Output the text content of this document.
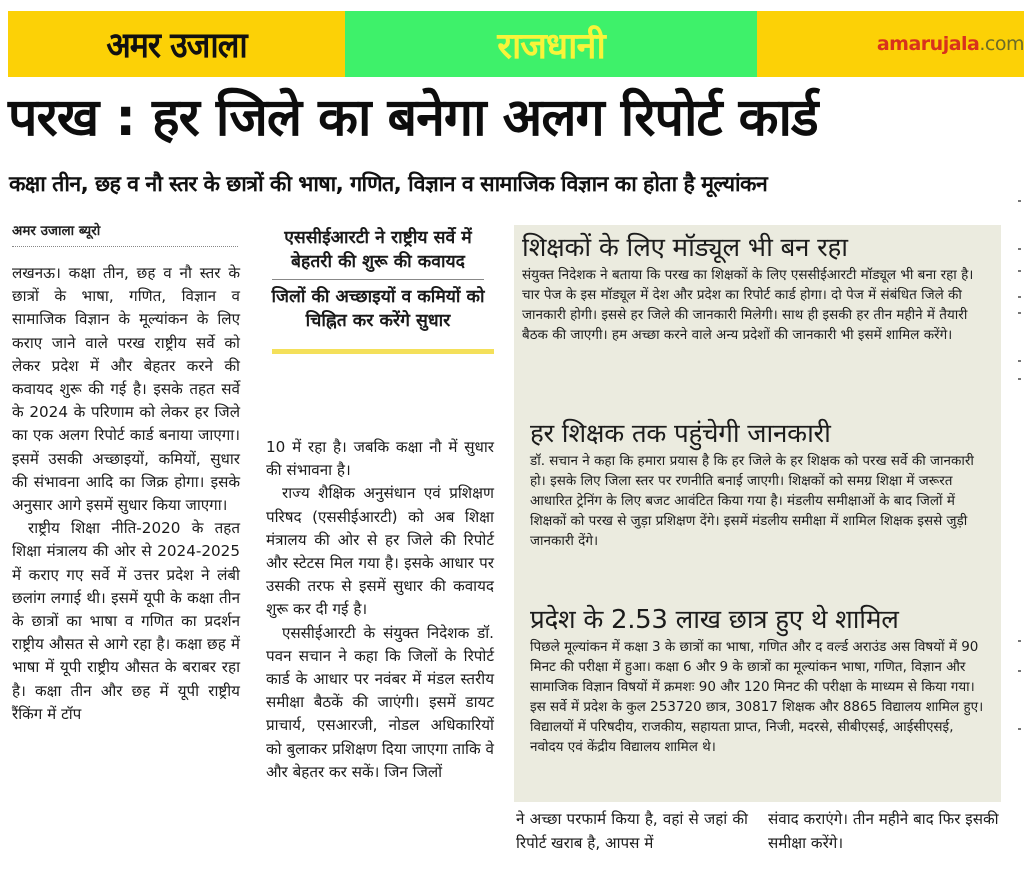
अमर उजाला	राजधानी	amarujala.com
परख : हर जिले का बनेगा अलग रिपोर्ट कार्ड
कक्षा तीन, छह व नौ स्तर के छात्रों की भाषा, गणित, विज्ञान व सामाजिक विज्ञान का होता है मूल्यांकन
अमर उजाला ब्यूरो

लखनऊ। कक्षा तीन, छह व नौ स्तर के छात्रों के भाषा, गणित, विज्ञान व सामाजिक विज्ञान के मूल्यांकन के लिए कराए जाने वाले परख राष्ट्रीय सर्वे को लेकर प्रदेश में और बेहतर करने की कवायद शुरू की गई है। इसके तहत सर्वे के 2024 के परिणाम को लेकर हर जिले का एक अलग रिपोर्ट कार्ड बनाया जाएगा। इसमें उसकी अच्छाइयों, कमियों, सुधार की संभावना आदि का जिक्र होगा। इसके अनुसार आगे इसमें सुधार किया जाएगा।

राष्ट्रीय शिक्षा नीति-2020 के तहत शिक्षा मंत्रालय की ओर से 2024-2025 में कराए गए सर्वे में उत्तर प्रदेश ने लंबी छलांग लगाई थी। इसमें यूपी के कक्षा तीन के छात्रों का भाषा व गणित का प्रदर्शन राष्ट्रीय औसत से आगे रहा है। कक्षा छह में भाषा में यूपी राष्ट्रीय औसत के बराबर रहा है। कक्षा तीन और छह में यूपी राष्ट्रीय रैंकिंग में टॉप

एससीईआरटी ने राष्ट्रीय सर्वे में बेहतरी की शुरू की कवायद
जिलों की अच्छाइयों व कमियों को चिह्नित कर करेंगे सुधार

10 में रहा है। जबकि कक्षा नौ में सुधार की संभावना है।

राज्य शैक्षिक अनुसंधान एवं प्रशिक्षण परिषद (एससीईआरटी) को अब शिक्षा मंत्रालय की ओर से हर जिले की रिपोर्ट और स्टेटस मिल गया है। इसके आधार पर उसकी तरफ से इसमें सुधार की कवायद शुरू कर दी गई है।

एससीईआरटी के संयुक्त निदेशक डॉ. पवन सचान ने कहा कि जिलों के रिपोर्ट कार्ड के आधार पर नवंबर में मंडल स्तरीय समीक्षा बैठकें की जाएंगी। इसमें डायट प्राचार्य, एसआरजी, नोडल अधिकारियों को बुलाकर प्रशिक्षण दिया जाएगा ताकि वे और बेहतर कर सकें। जिन जिलों

शिक्षकों के लिए मॉड्यूल भी बन रहा
संयुक्त निदेशक ने बताया कि परख का शिक्षकों के लिए एससीईआरटी मॉड्यूल भी बना रहा है। चार पेज के इस मॉड्यूल में देश और प्रदेश का रिपोर्ट कार्ड होगा। दो पेज में संबंधित जिले की जानकारी होगी। इससे हर जिले की जानकारी मिलेगी। साथ ही इसकी हर तीन महीने में तैयारी बैठक की जाएगी। हम अच्छा करने वाले अन्य प्रदेशों की जानकारी भी इसमें शामिल करेंगे।
हर शिक्षक तक पहुंचेगी जानकारी
डॉ. सचान ने कहा कि हमारा प्रयास है कि हर जिले के हर शिक्षक को परख सर्वे की जानकारी हो। इसके लिए जिला स्तर पर रणनीति बनाई जाएगी। शिक्षकों को समग्र शिक्षा में जरूरत आधारित ट्रेनिंग के लिए बजट आवंटित किया गया है। मंडलीय समीक्षाओं के बाद जिलों में शिक्षकों को परख से जुड़ा प्रशिक्षण देंगे। इसमें मंडलीय समीक्षा में शामिल शिक्षक इससे जुड़ी जानकारी देंगे।
प्रदेश के 2.53 लाख छात्र हुए थे शामिल
पिछले मूल्यांकन में कक्षा 3 के छात्रों का भाषा, गणित और द वर्ल्ड अराउंड अस विषयों में 90 मिनट की परीक्षा में हुआ। कक्षा 6 और 9 के छात्रों का मूल्यांकन भाषा, गणित, विज्ञान और सामाजिक विज्ञान विषयों में क्रमशः 90 और 120 मिनट की परीक्षा के माध्यम से किया गया। इस सर्वे में प्रदेश के कुल 253720 छात्र, 30817 शिक्षक और 8865 विद्यालय शामिल हुए। विद्यालयों में परिषदीय, राजकीय, सहायता प्राप्त, निजी, मदरसे, सीबीएसई, आईसीएसई, नवोदय एवं केंद्रीय विद्यालय शामिल थे।
ने अच्छा परफार्म किया है, वहां से जहां की रिपोर्ट खराब है, आपस में
संवाद कराएंगे। तीन महीने बाद फिर इसकी समीक्षा करेंगे।
